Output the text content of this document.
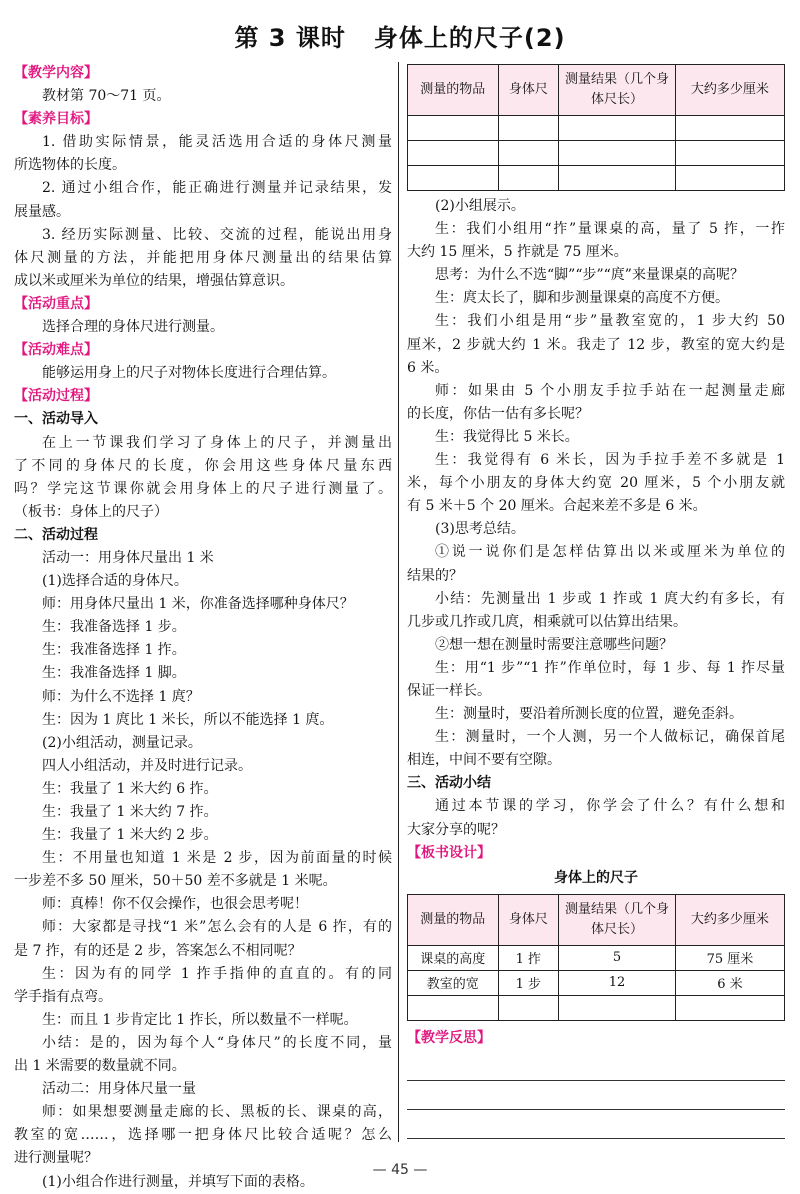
第 3 课时   身体上的尺子(2)
【教学内容】
教材第 70～71 页。
【素养目标】
1. 借助实际情景，能灵活选用合适的身体尺测量
所选物体的长度。
2. 通过小组合作，能正确进行测量并记录结果，发
展量感。
3. 经历实际测量、比较、交流的过程，能说出用身
体尺测量的方法，并能把用身体尺测量出的结果估算
成以米或厘米为单位的结果，增强估算意识。
【活动重点】
选择合理的身体尺进行测量。
【活动难点】
能够运用身上的尺子对物体长度进行合理估算。
【活动过程】
一、活动导入
在上一节课我们学习了身体上的尺子，并测量出
了不同的身体尺的长度，你会用这些身体尺量东西
吗？学完这节课你就会用身体上的尺子进行测量了。
（板书：身体上的尺子）
二、活动过程
活动一：用身体尺量出 1 米
(1)选择合适的身体尺。
师：用身体尺量出 1 米，你准备选择哪种身体尺？
生：我准备选择 1 步。
生：我准备选择 1 拃。
生：我准备选择 1 脚。
师：为什么不选择 1 庹？
生：因为 1 庹比 1 米长，所以不能选择 1 庹。
(2)小组活动，测量记录。
四人小组活动，并及时进行记录。
生：我量了 1 米大约 6 拃。
生：我量了 1 米大约 7 拃。
生：我量了 1 米大约 2 步。
生：不用量也知道 1 米是 2 步，因为前面量的时候
一步差不多 50 厘米，50＋50 差不多就是 1 米呢。
师：真棒！你不仅会操作，也很会思考呢！
师：大家都是寻找“1 米”怎么会有的人是 6 拃，有的
是 7 拃，有的还是 2 步，答案怎么不相同呢？
生：因为有的同学 1 拃手指伸的直直的。有的同
学手指有点弯。
生：而且 1 步肯定比 1 拃长，所以数量不一样呢。
小结：是的，因为每个人“身体尺”的长度不同，量
出 1 米需要的数量就不同。
活动二：用身体尺量一量
师：如果想要测量走廊的长、黑板的长、课桌的高，
教室的宽……，选择哪一把身体尺比较合适呢？怎么
进行测量呢？
(1)小组合作进行测量，并填写下面的表格。
测量的物品	身体尺	测量结果（几个身体尺长）	大约多少厘米

(2)小组展示。
生：我们小组用“拃”量课桌的高，量了 5 拃，一拃
大约 15 厘米，5 拃就是 75 厘米。
思考：为什么不选“脚”“步”“庹”来量课桌的高呢？
生：庹太长了，脚和步测量课桌的高度不方便。
生：我们小组是用“步”量教室宽的，1 步大约 50
厘米，2 步就大约 1 米。我走了 12 步，教室的宽大约是
6 米。
师：如果由 5 个小朋友手拉手站在一起测量走廊
的长度，你估一估有多长呢？
生：我觉得比 5 米长。
生：我觉得有 6 米长，因为手拉手差不多就是 1
米，每个小朋友的身体大约宽 20 厘米，5 个小朋友就
有 5 米＋5 个 20 厘米。合起来差不多是 6 米。
(3)思考总结。
①说一说你们是怎样估算出以米或厘米为单位的
结果的？
小结：先测量出 1 步或 1 拃或 1 庹大约有多长，有
几步或几拃或几庹，相乘就可以估算出结果。
②想一想在测量时需要注意哪些问题？
生：用“1 步”“1 拃”作单位时，每 1 步、每 1 拃尽量
保证一样长。
生：测量时，要沿着所测长度的位置，避免歪斜。
生：测量时，一个人测，另一个人做标记，确保首尾
相连，中间不要有空隙。
三、活动小结
通过本节课的学习，你学会了什么？有什么想和
大家分享的呢？
【板书设计】
身体上的尺子
测量的物品	身体尺	测量结果（几个身体尺长）	大约多少厘米
课桌的高度	1 拃	5	75 厘米
教室的宽	1 步	12	6 米

【教学反思】
— 45 —
